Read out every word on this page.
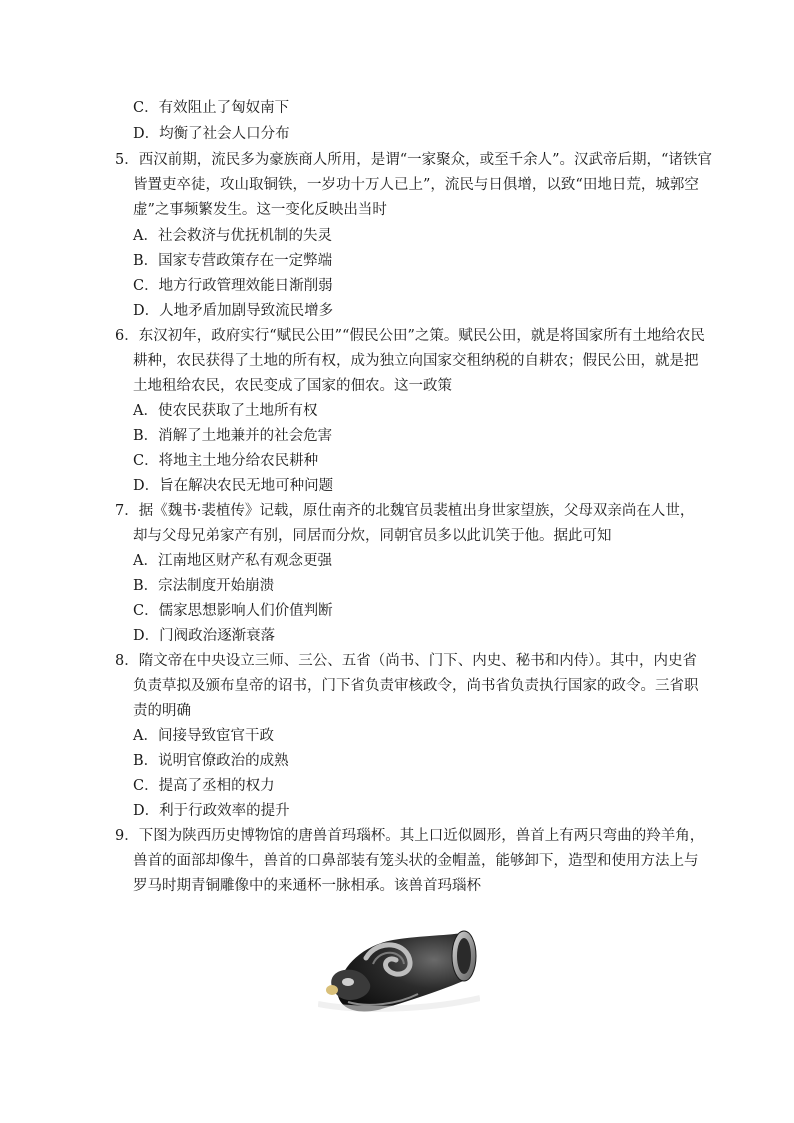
C．有效阻止了匈奴南下
D．均衡了社会人口分布
5．西汉前期，流民多为豪族商人所用，是谓“一家聚众，或至千余人”。汉武帝后期，“诸铁官
皆置吏卒徒，攻山取铜铁，一岁功十万人已上”，流民与日俱增，以致“田地日荒，城郭空
虚”之事频繁发生。这一变化反映出当时
A．社会救济与优抚机制的失灵
B．国家专营政策存在一定弊端
C．地方行政管理效能日渐削弱
D．人地矛盾加剧导致流民增多
6．东汉初年，政府实行“赋民公田”“假民公田”之策。赋民公田，就是将国家所有土地给农民
耕种，农民获得了土地的所有权，成为独立向国家交租纳税的自耕农；假民公田，就是把
土地租给农民，农民变成了国家的佃农。这一政策
A．使农民获取了土地所有权
B．消解了土地兼并的社会危害
C．将地主土地分给农民耕种
D．旨在解决农民无地可种问题
7．据《魏书·裴植传》记载，原仕南齐的北魏官员裴植出身世家望族，父母双亲尚在人世，
却与父母兄弟家产有别，同居而分炊，同朝官员多以此讥笑于他。据此可知
A．江南地区财产私有观念更强
B．宗法制度开始崩溃
C．儒家思想影响人们价值判断
D．门阀政治逐渐衰落
8．隋文帝在中央设立三师、三公、五省（尚书、门下、内史、秘书和内侍）。其中，内史省
负责草拟及颁布皇帝的诏书，门下省负责审核政令，尚书省负责执行国家的政令。三省职
责的明确
A．间接导致宦官干政
B．说明官僚政治的成熟
C．提高了丞相的权力
D．利于行政效率的提升
9．下图为陕西历史博物馆的唐兽首玛瑙杯。其上口近似圆形，兽首上有两只弯曲的羚羊角，
兽首的面部却像牛，兽首的口鼻部装有笼头状的金帽盖，能够卸下，造型和使用方法上与
罗马时期青铜雕像中的来通杯一脉相承。该兽首玛瑙杯
